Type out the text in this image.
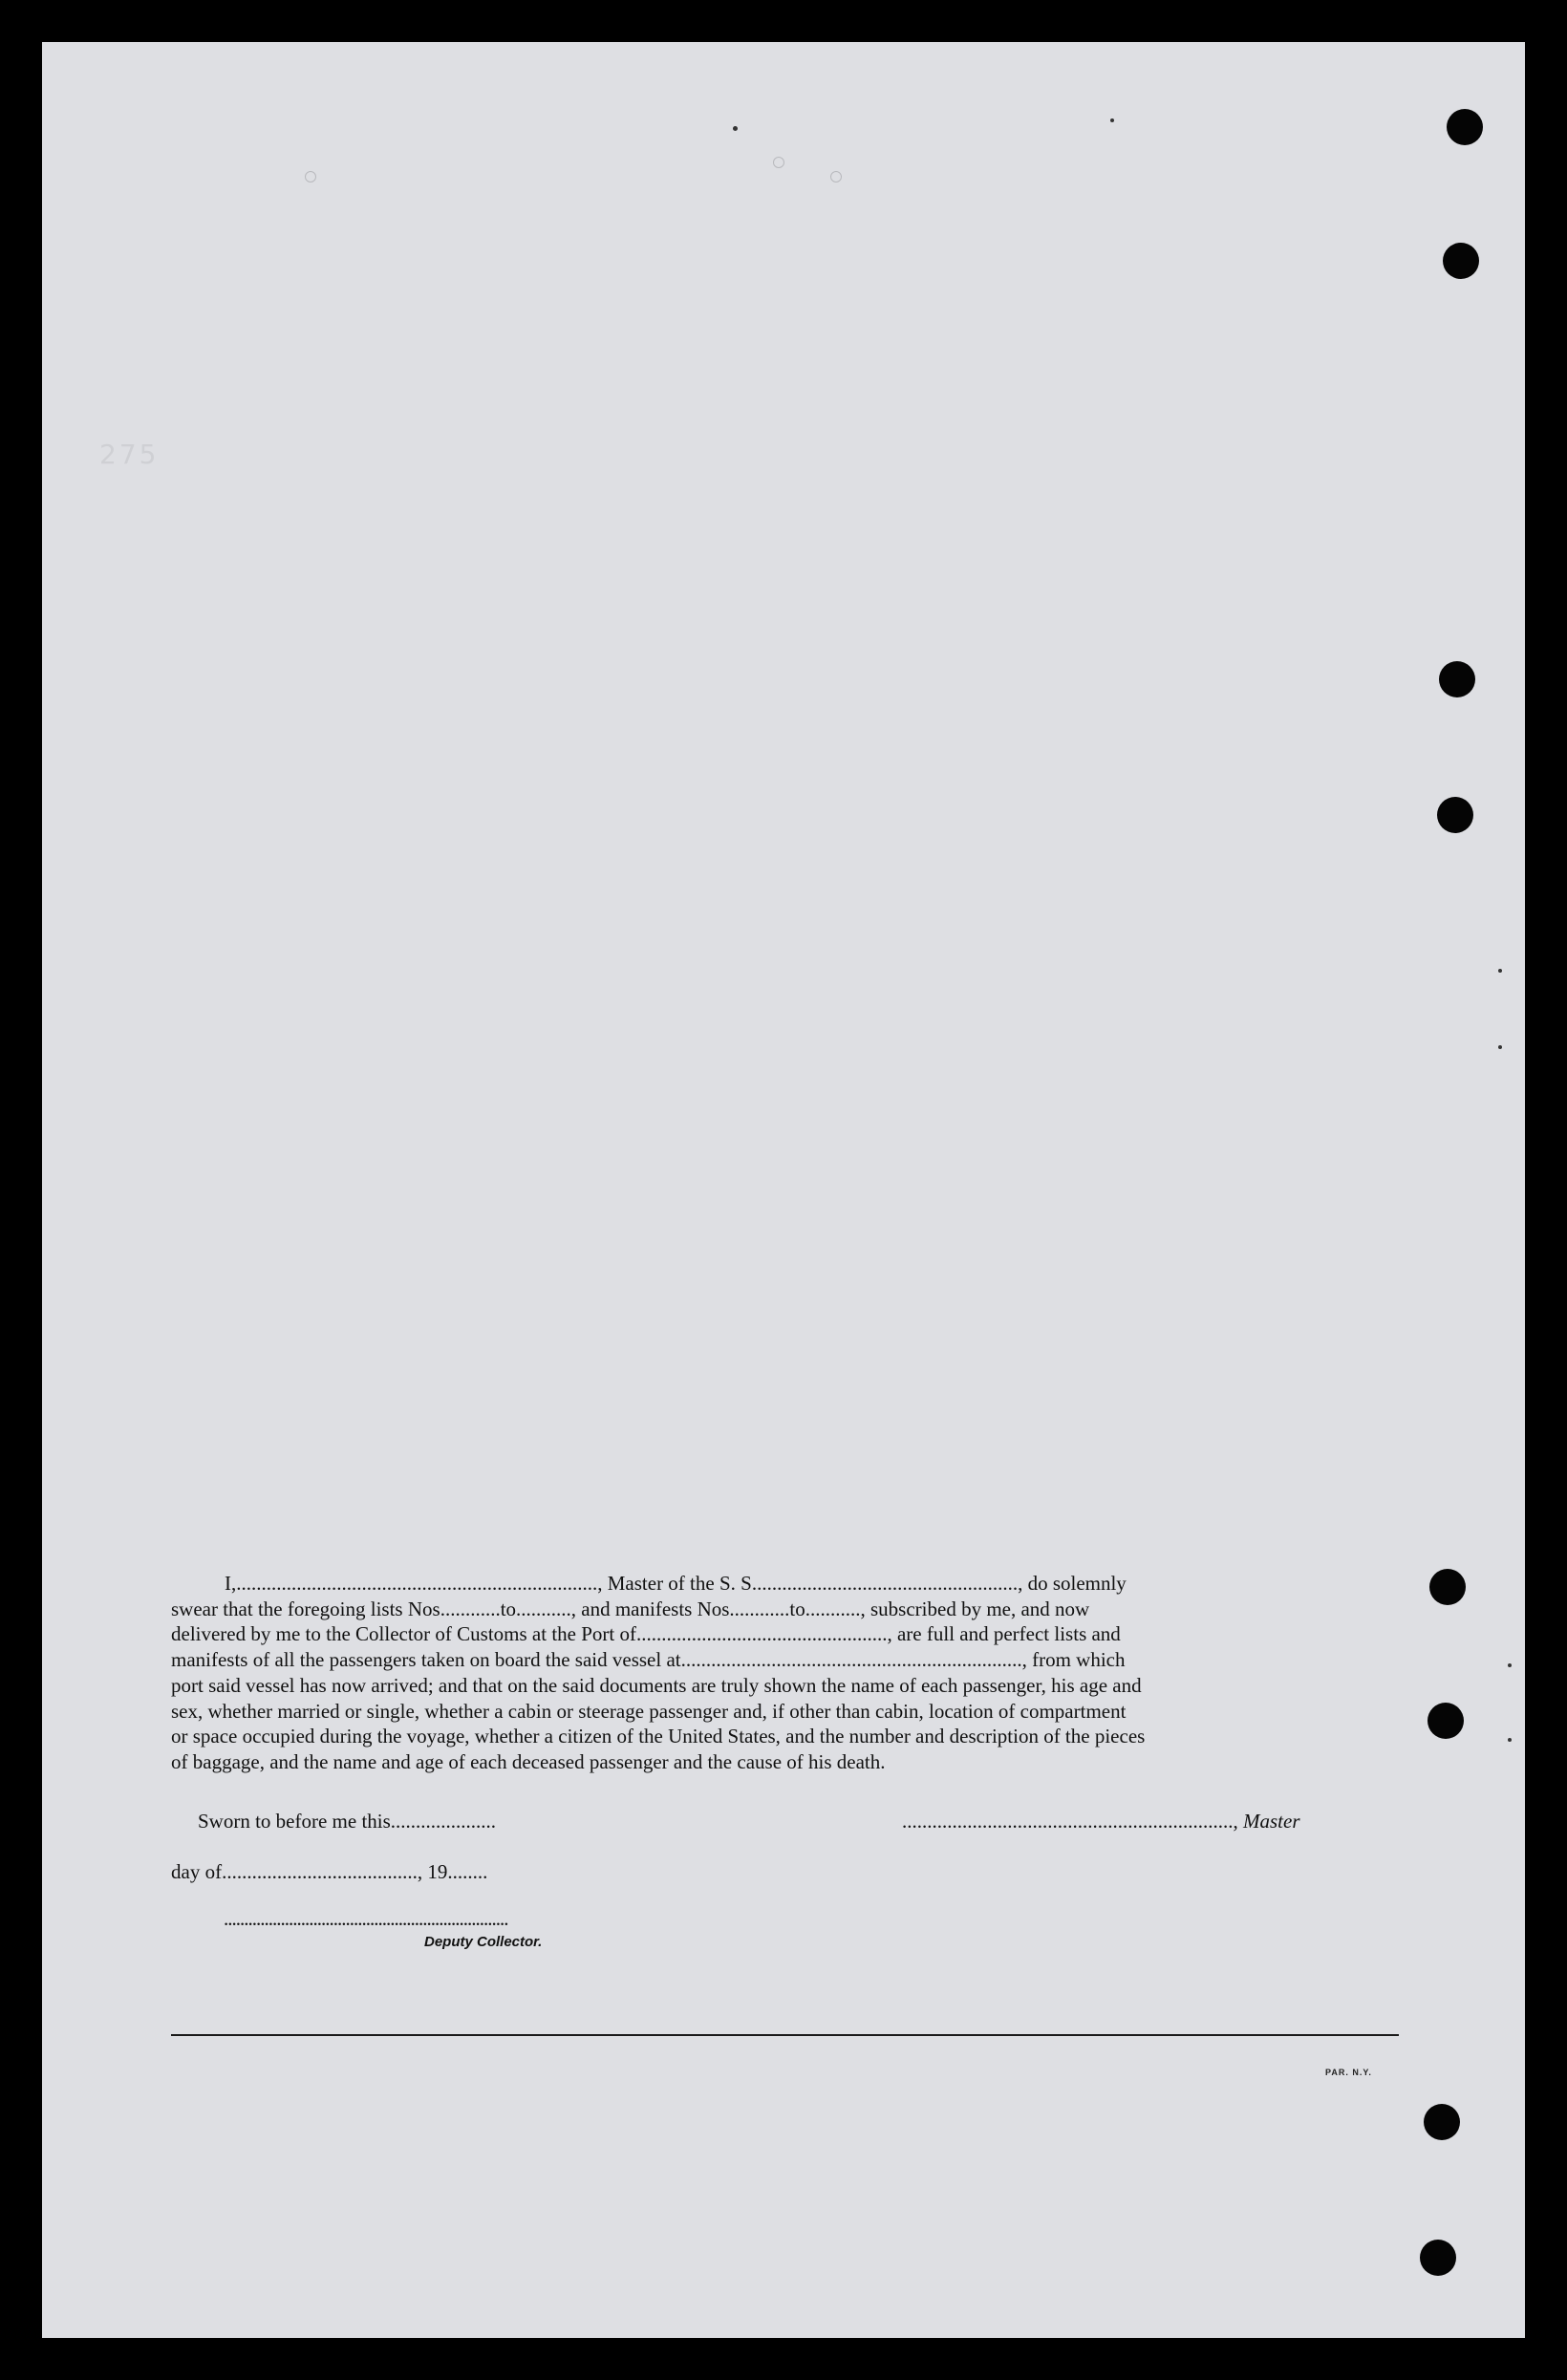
275
I,........................................................................, Master of the S. S....................................................., do solemnly
swear that the foregoing lists Nos............to..........., and manifests Nos............to..........., subscribed by me, and now
delivered by me to the Collector of Customs at the Port of.................................................., are full and perfect lists and
manifests of all the passengers taken on board the said vessel at...................................................................., from which
port said vessel has now arrived; and that on the said documents are truly shown the name of each passenger, his age and
sex, whether married or single, whether a cabin or steerage passenger and, if other than cabin, location of compartment
or space occupied during the voyage, whether a citizen of the United States, and the number and description of the pieces
of baggage, and the name and age of each deceased passenger and the cause of his death.
Sworn to before me this.....................	.................................................................., Master
day of......................................., 19........
......................................................................
Deputy Collector.
PAR. N.Y.
